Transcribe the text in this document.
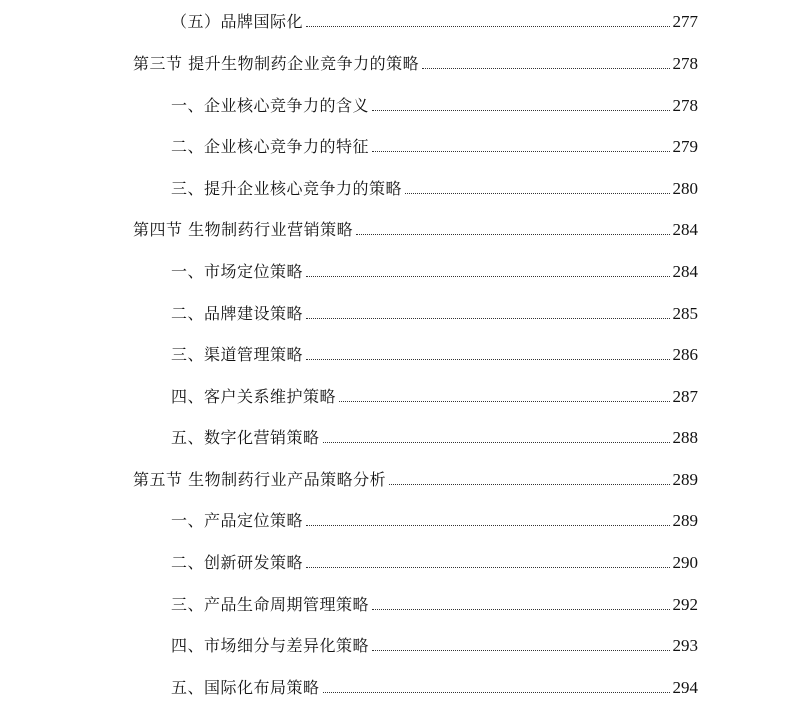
（五）品牌国际化	277
第三节 提升生物制药企业竞争力的策略	278
一、企业核心竞争力的含义	278
二、企业核心竞争力的特征	279
三、提升企业核心竞争力的策略	280
第四节 生物制药行业营销策略	284
一、市场定位策略	284
二、品牌建设策略	285
三、渠道管理策略	286
四、客户关系维护策略	287
五、数字化营销策略	288
第五节 生物制药行业产品策略分析	289
一、产品定位策略	289
二、创新研发策略	290
三、产品生命周期管理策略	292
四、市场细分与差异化策略	293
五、国际化布局策略	294
